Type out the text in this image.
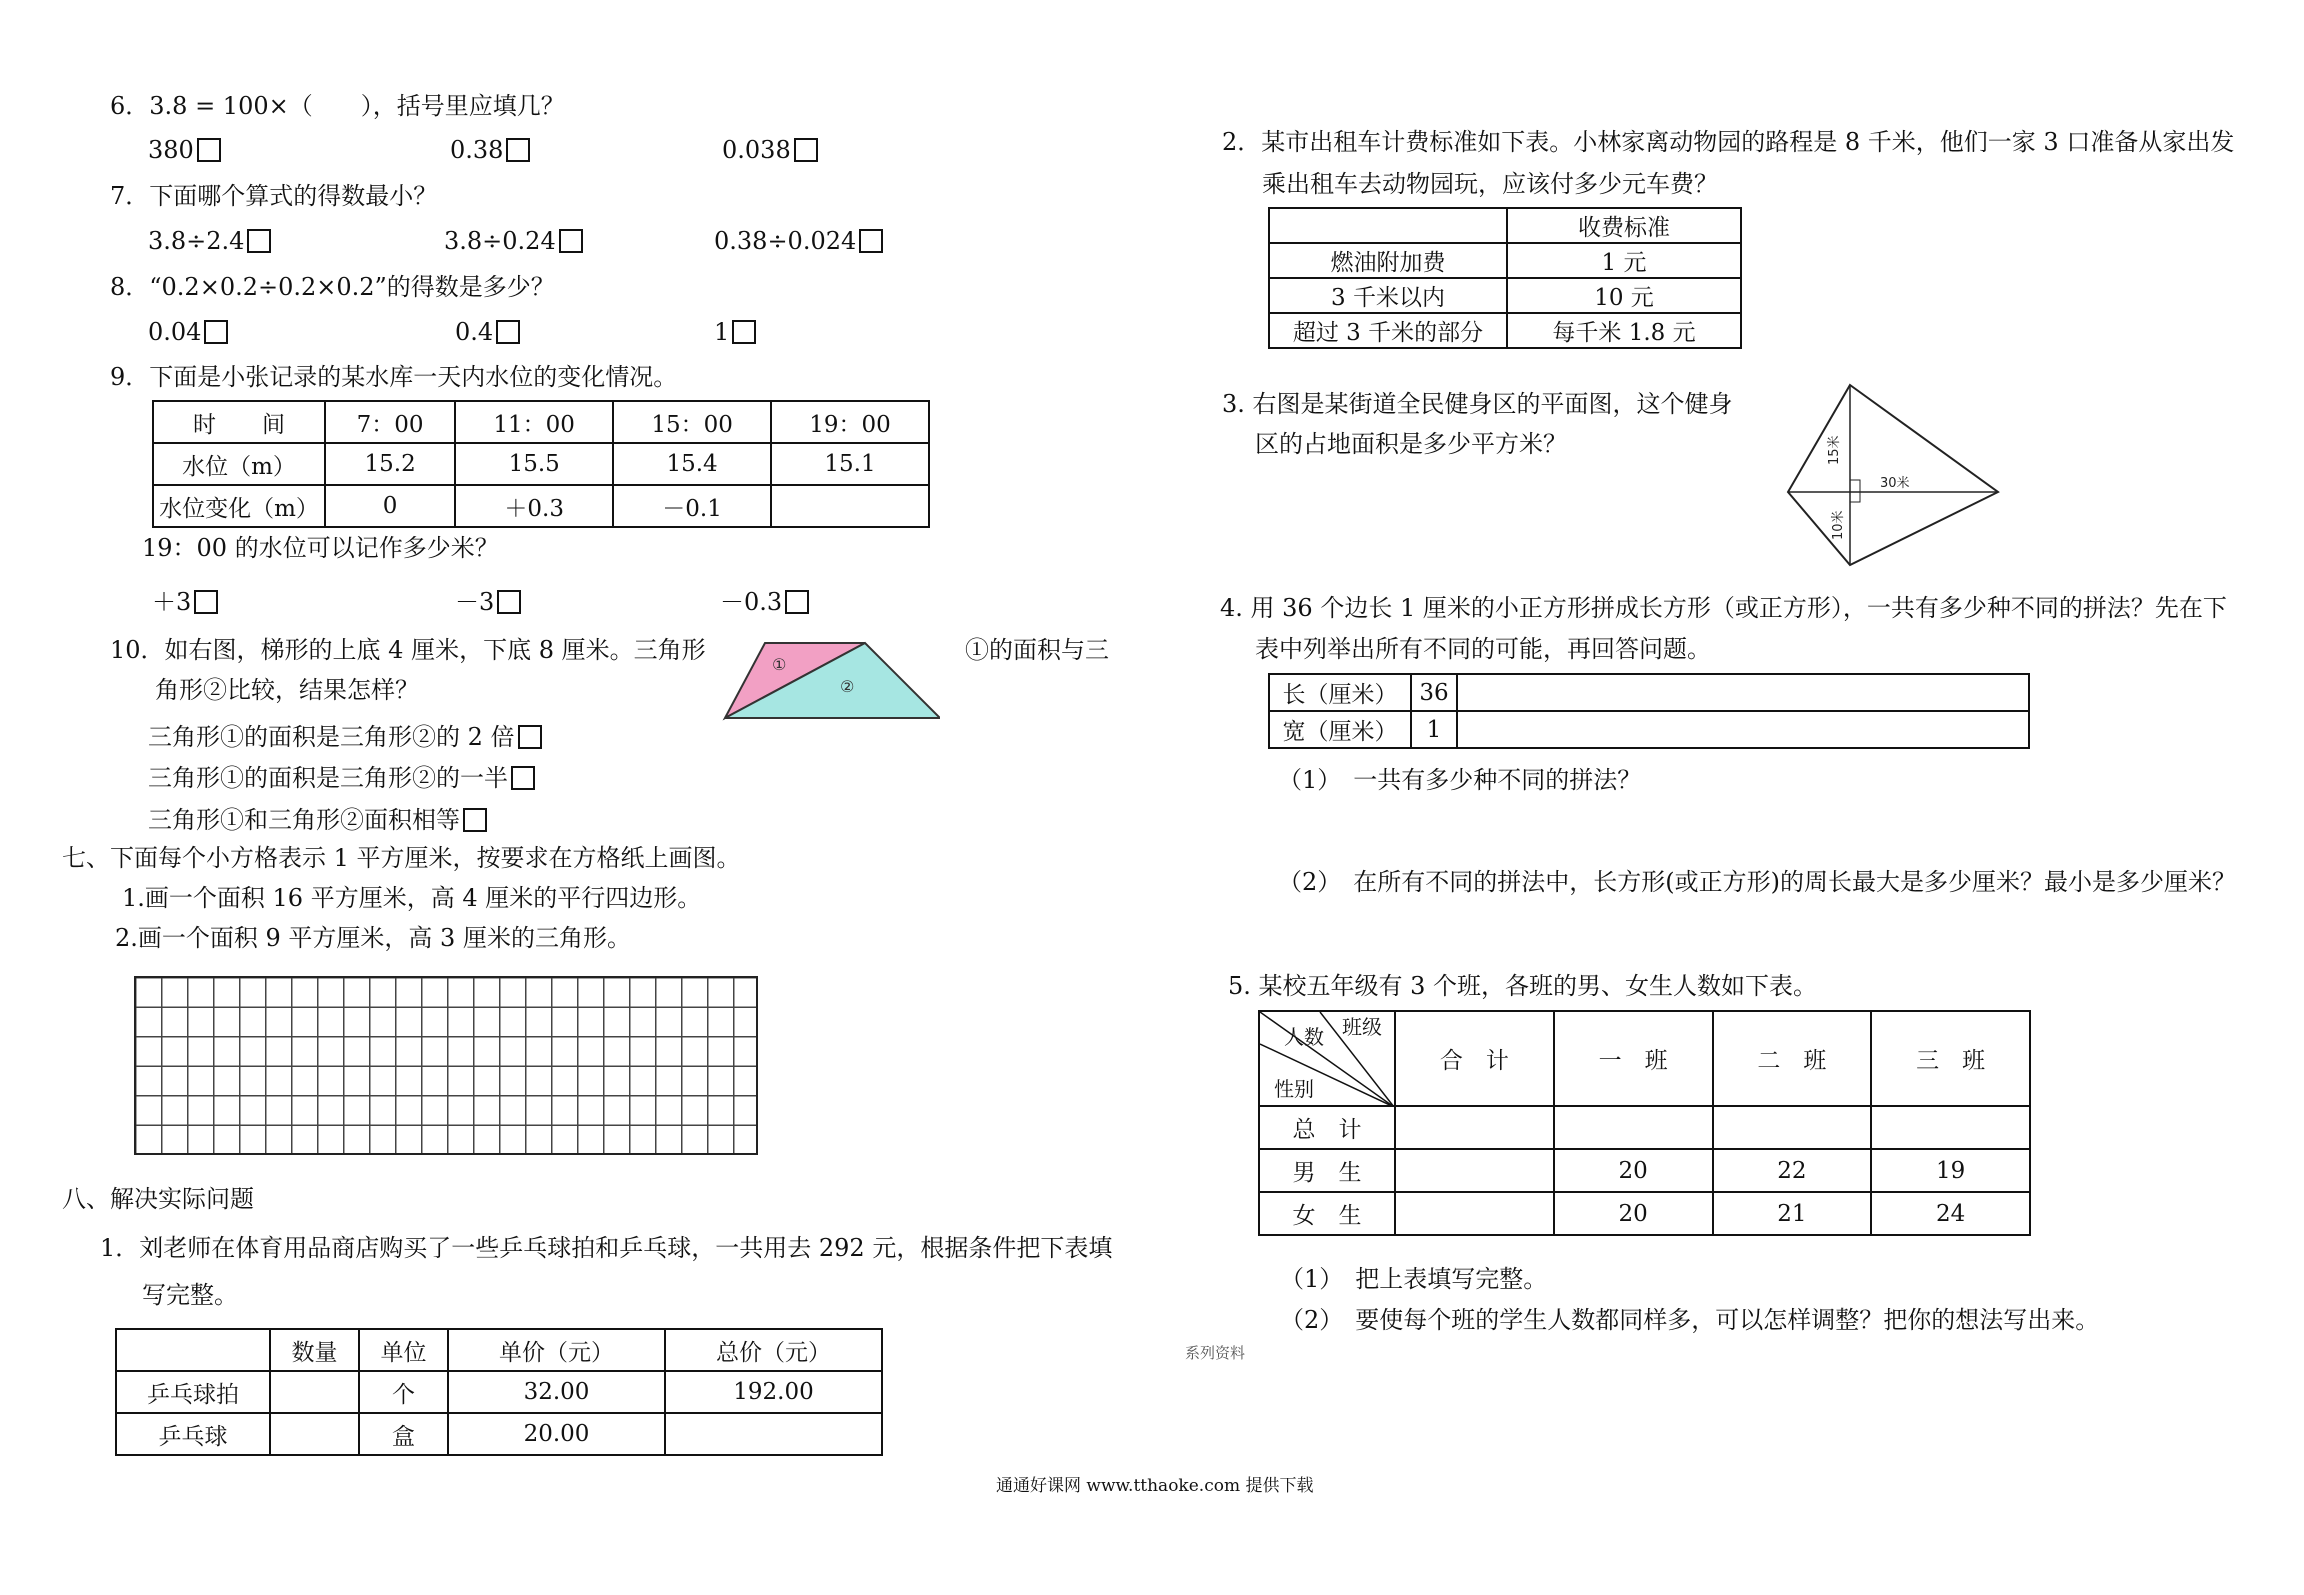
6．3.8 = 100×（　　），括号里应填几？
380	0.38	0.038
7．下面哪个算式的得数最小？
3.8÷2.4	3.8÷0.24	0.38÷0.024
8．“0.2×0.2÷0.2×0.2”的得数是多少？
0.04	0.4	1
9．下面是小张记录的某水库一天内水位的变化情况。
时　　间	7：00	11：00	15：00	19：00
水位（m）	15.2	15.5	15.4	15.1
水位变化（m）	0	＋0.3	－0.1	
19：00 的水位可以记作多少米？
＋3	－3	－0.3
10．如右图，梯形的上底 4 厘米，下底 8 厘米。三角形	①的面积与三
角形②比较，结果怎样？
①
②
三角形①的面积是三角形②的 2 倍
三角形①的面积是三角形②的一半
三角形①和三角形②面积相等
七、下面每个小方格表示 1 平方厘米，按要求在方格纸上画图。
1.画一个面积 16 平方厘米，高 4 厘米的平行四边形。
2.画一个面积 9 平方厘米，高 3 厘米的三角形。
八、解决实际问题
1．刘老师在体育用品商店购买了一些乒乓球拍和乒乓球，一共用去 292 元，根据条件把下表填
写完整。
	数量	单位	单价（元）	总价（元）
乒乓球拍		个	32.00	192.00
乒乓球		盒	20.00	
2．某市出租车计费标准如下表。小林家离动物园的路程是 8 千米，他们一家 3 口准备从家出发
乘出租车去动物园玩，应该付多少元车费？
	收费标准
燃油附加费	1 元
3 千米以内	10 元
超过 3 千米的部分	每千米 1.8 元
3. 右图是某街道全民健身区的平面图，这个健身
区的占地面积是多少平方米？	15米
30米
10米
4. 用 36 个边长 1 厘米的小正方形拼成长方形（或正方形），一共有多少种不同的拼法？先在下
表中列举出所有不同的可能，再回答问题。
长（厘米）	36	
宽（厘米）	1	
（1）　一共有多少种不同的拼法？
（2）　在所有不同的拼法中，长方形(或正方形)的周长最大是多少厘米？最小是多少厘米？
5. 某校五年级有 3 个班，各班的男、女生人数如下表。
班级
人数
性别	合　计	一　班	二　班	三　班
总　计				
男　生		20	22	19
女　生		20	21	24
（1）　把上表填写完整。
（2）　要使每个班的学生人数都同样多，可以怎样调整？把你的想法写出来。
系列资料
通通好课网 www.tthaoke.com 提供下载
